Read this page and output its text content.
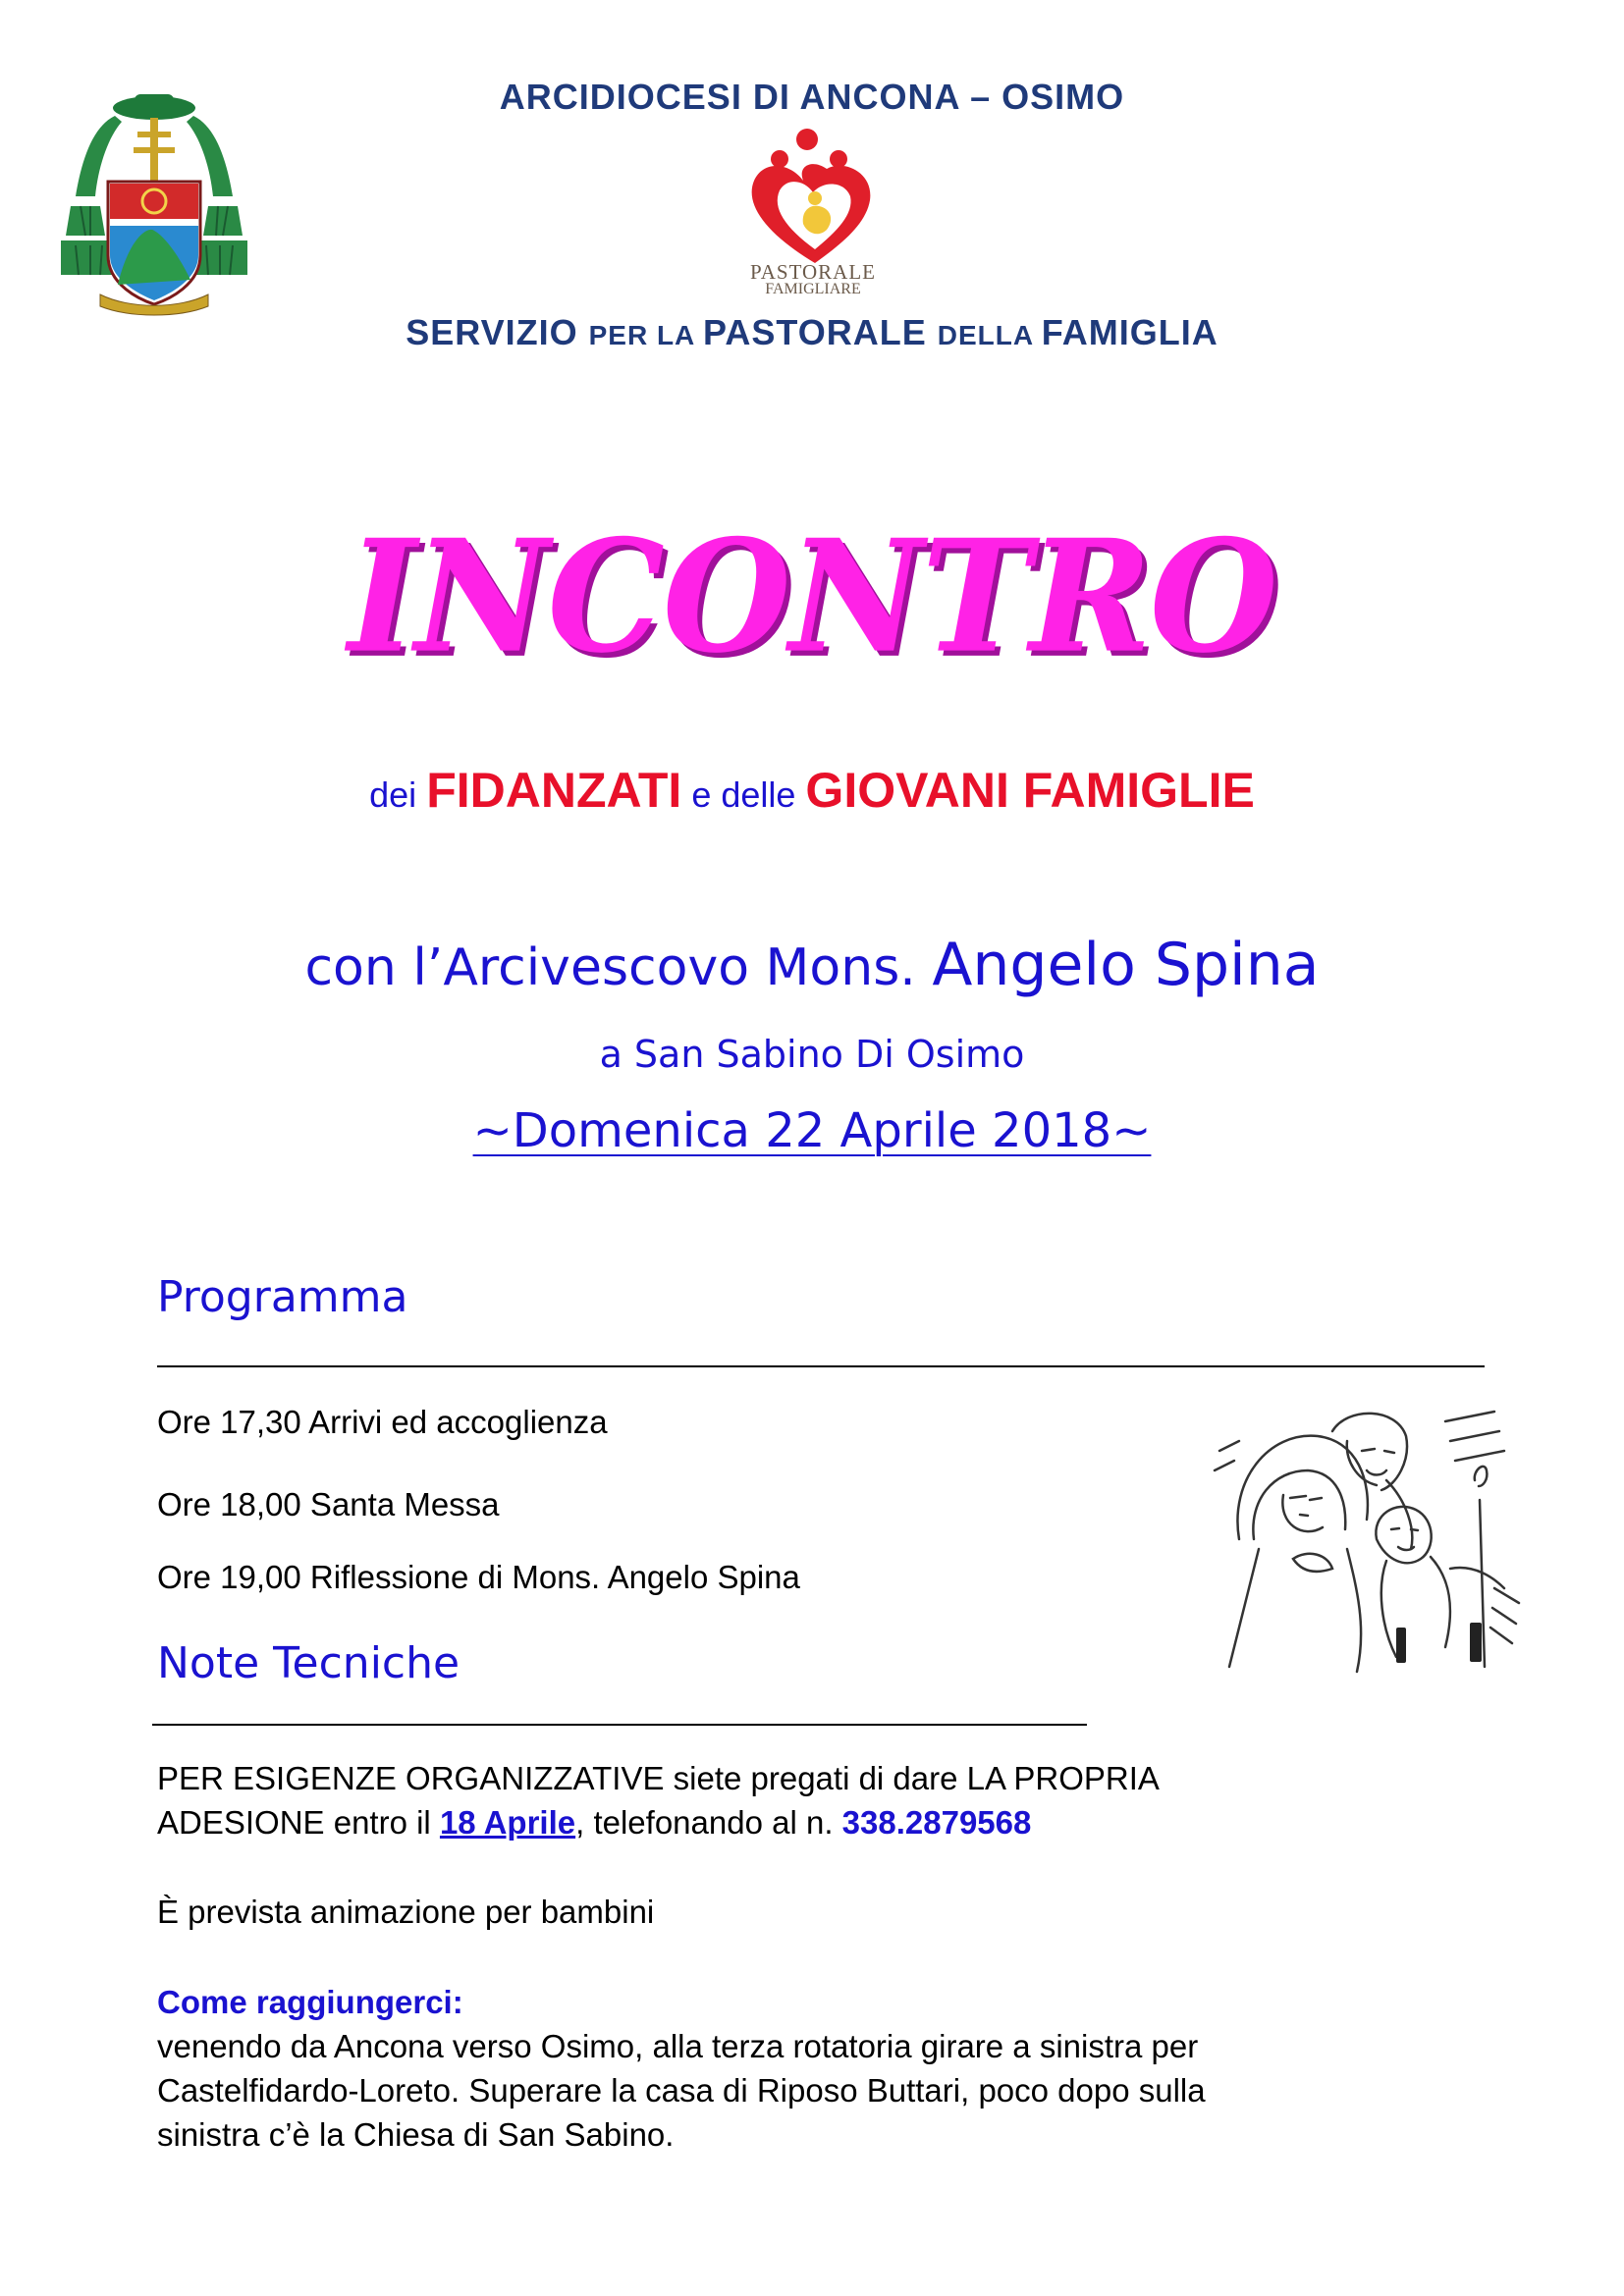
ARCIDIOCESI DI ANCONA – OSIMO
PASTORALE
FAMIGLIARE
SERVIZIO PER LA PASTORALE DELLA FAMIGLIA
INCONTRO
dei FIDANZATI e delle GIOVANI FAMIGLIE
con l’Arcivescovo Mons. Angelo Spina
a San Sabino Di Osimo
~Domenica 22 Aprile 2018~
Programma
Ore 17,30 Arrivi ed accoglienza
Ore 18,00 Santa Messa
Ore 19,00 Riflessione di Mons. Angelo Spina
Note Tecniche
PER ESIGENZE ORGANIZZATIVE siete pregati di dare LA PROPRIA
ADESIONE entro il 18 Aprile, telefonando al n. 338.2879568
È prevista animazione per bambini
Come raggiungerci:
venendo da Ancona verso Osimo, alla terza rotatoria girare a sinistra per
Castelfidardo-Loreto. Superare la casa di Riposo Buttari, poco dopo sulla
sinistra c’è la Chiesa di San Sabino.
